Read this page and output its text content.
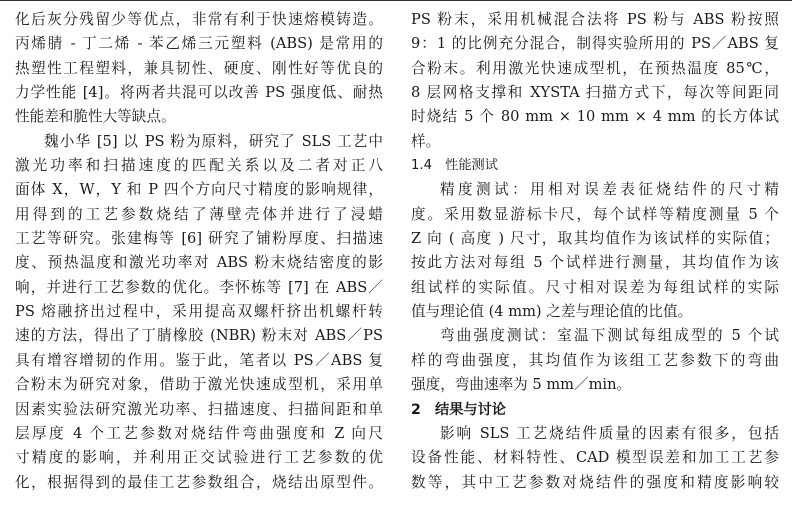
化后灰分残留少等优点，非常有利于快速熔模铸造。
丙烯腈 - 丁二烯 - 苯乙烯三元塑料 (ABS) 是常用的
热塑性工程塑料，兼具韧性、硬度、刚性好等优良的
力学性能 [4]。将两者共混可以改善 PS 强度低、耐热
性能差和脆性大等缺点。
魏小华 [5] 以 PS 粉为原料，研究了 SLS 工艺中
激光功率和扫描速度的匹配关系以及二者对正八
面体 X，W，Y 和 P 四个方向尺寸精度的影响规律，
用得到的工艺参数烧结了薄壁壳体并进行了浸蜡
工艺等研究。张建梅等 [6] 研究了铺粉厚度、扫描速
度、预热温度和激光功率对 ABS 粉末烧结密度的影
响，并进行工艺参数的优化。李怀栋等 [7] 在 ABS／
PS 熔融挤出过程中，采用提高双螺杆挤出机螺杆转
速的方法，得出了丁腈橡胶 (NBR) 粉末对 ABS／PS
具有增容增韧的作用。鉴于此，笔者以 PS／ABS 复
合粉末为研究对象，借助于激光快速成型机，采用单
因素实验法研究激光功率、扫描速度、扫描间距和单
层厚度 4 个工艺参数对烧结件弯曲强度和 Z 向尺
寸精度的影响，并利用正交试验进行工艺参数的优
化，根据得到的最佳工艺参数组合，烧结出原型件。
PS 粉末，采用机械混合法将 PS 粉与 ABS 粉按照
9：1 的比例充分混合，制得实验所用的 PS／ABS 复
合粉末。利用激光快速成型机，在预热温度 85℃，
8 层网格支撑和 XYSTA 扫描方式下，每次等间距同
时烧结 5 个 80 mm × 10 mm × 4 mm 的长方体试
样。
1.4　性能测试
精度测试：用相对误差表征烧结件的尺寸精
度。采用数显游标卡尺，每个试样等精度测量 5 个
Z 向 ( 高度 ) 尺寸，取其均值作为该试样的实际值；
按此方法对每组 5 个试样进行测量，其均值作为该
组试样的实际值。尺寸相对误差为每组试样的实际
值与理论值 (4 mm) 之差与理论值的比值。
弯曲强度测试：室温下测试每组成型的 5 个试
样的弯曲强度，其均值作为该组工艺参数下的弯曲
强度，弯曲速率为 5 mm／min。
2　结果与讨论
影响 SLS 工艺烧结件质量的因素有很多，包括
设备性能、材料特性、CAD 模型误差和加工工艺参
数等，其中工艺参数对烧结件的强度和精度影响较
